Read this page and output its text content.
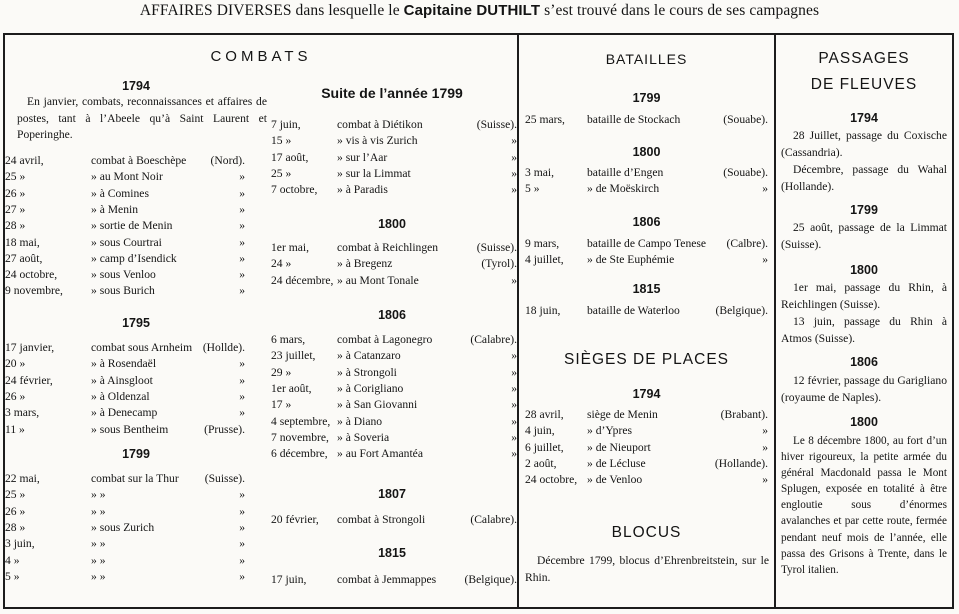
AFFAIRES DIVERSES dans lesquelle le Capitaine DUTHILT s’est trouvé dans le cours de ses campagnes
COMBATS
1794
En janvier, combats, reconnaissances et affaires de postes, tant à l’Abeele qu’à Saint Laurent et Poperinghe.
24 avril,	combat à Boeschèpe (Nord).
25 »	» au Mont Noir	»
26 »	» à Comines	»
27 »	» à Menin	»
28 »	» sortie de Menin	»
18 mai,	» sous Courtrai	»
27 août,	» camp d’Isendick	»
24 octobre,	» sous Venloo	»
9 novembre, » sous Burich	»
1795
17 janvier,	combat sous Arnheim (Hollde).
20 »	» à Rosendaël	»
24 février,	» à Ainsgloot	»
26 »	» à Oldenzal	»
3 mars,	» à Denecamp	»
11 »	» sous Bentheim	(Prusse).
1799
22 mai,	combat sur la Thur (Suisse).
25 »	» »	»
26 »	» »	»
28 »	» sous Zurich	»
3 juin,	» »	»
4 »	» »	»
5 »	» »	»
Suite de l’année 1799
7 juin,	combat à Diétikon	(Suisse).
15 »	» vis à vis Zurich	»
17 août, » sur l’Aar	»
25 »	» sur la Limmat	»
7 octobre, » à Paradis	»
1800
1er mai, combat à Reichlingen	(Suisse).
24 »	» à Bregenz	(Tyrol).
24 décembre, » au Mont Tonale	»
1806
6 mars,	combat à Lagonegro	(Calabre).
23 juillet, » à Catanzaro	»
29 »	» à Strongoli	»
1er août, » à Corigliano	»
17 »	» à San Giovanni	»
4 septembre, » à Diano	»
7 novembre, » à Soveria	»
6 décembre, » au Fort Amantéa	»
1807
20 février, combat à Strongoli	(Calabre).
1815
17 juin,	combat à Jemmappes (Belgique).
BATAILLES
1799
25 mars, bataille de Stockach	(Souabe).
1800
3 mai,	bataille d’Engen	(Souabe).
5 »	» de Moëskirch	»
1806
9 mars, bataille de Campo Tenese (Calbre).
4 juillet, » de Ste Euphémie	»
1815
18 juin, bataille de Waterloo	(Belgique).
SIÈGES DE PLACES
1794
28 avril, siège de Menin	(Brabant).
4 juin,	» d’Ypres	»
6 juillet, » de Nieuport	»
2 août,	» de Lécluse	(Hollande).
24 octobre, » de Venloo	»
BLOCUS
Décembre 1799, blocus d’Ehrenbreitstein, sur le Rhin.
PASSAGES
DE FLEUVES
1794
28 Juillet, passage du Coxische (Cassandria).
Décembre, passage du Wahal (Hollande).
1799
25 août, passage de la Limmat (Suisse).
1800
1er mai, passage du Rhin, à Reichlingen (Suisse).
13 juin, passage du Rhin à Atmos (Suisse).
1806
12 février, passage du Garigliano (royaume de Naples).
1800
Le 8 décembre 1800, au fort d’un hiver rigoureux, la petite armée du général Macdonald passa le Mont Splugen, exposée en totalité à être engloutie sous d’énormes avalanches et par cette route, fermée pendant neuf mois de l’année, elle passa des Grisons à Trente, dans le Tyrol italien.
